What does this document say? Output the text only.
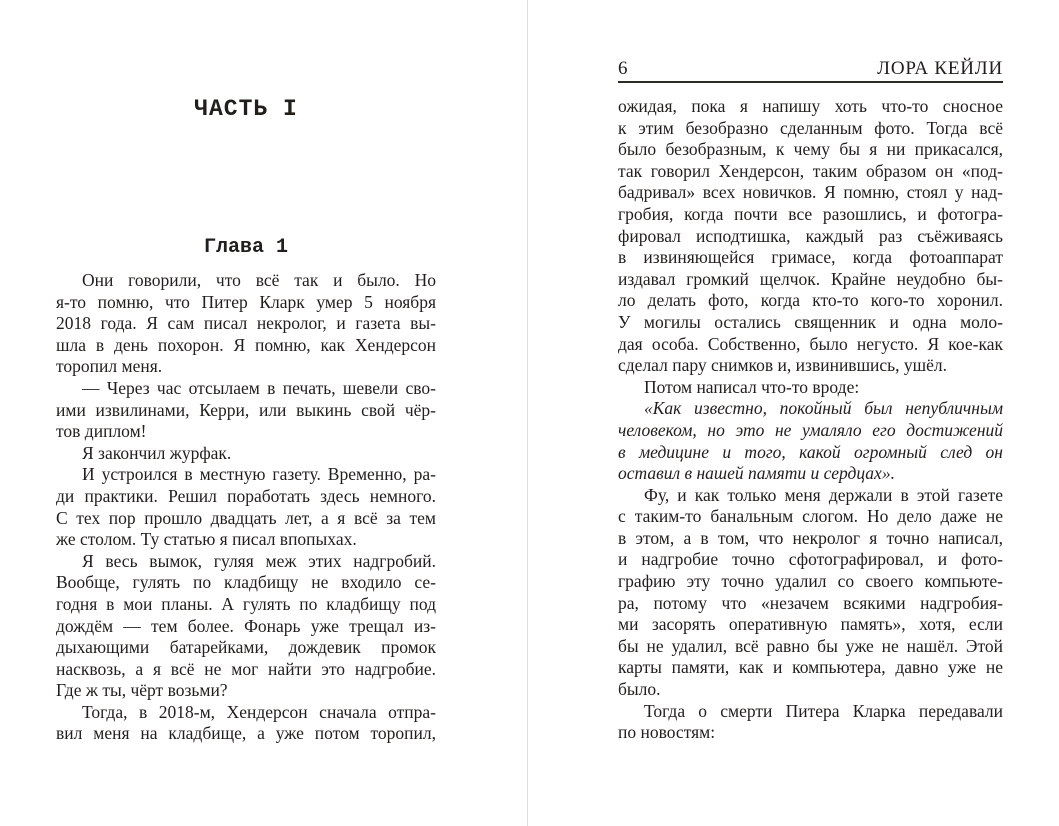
ЧАСТЬ I
Глава 1
Они говорили, что всё так и было. Но
я-то помню, что Питер Кларк умер 5 ноября
2018 года. Я сам писал некролог, и газета вы-
шла в день похорон. Я помню, как Хендерсон
торопил меня.
— Через час отсылаем в печать, шевели сво-
ими извилинами, Керри, или выкинь свой чёр-
тов диплом!
Я закончил журфак.
И устроился в местную газету. Временно, ра-
ди практики. Решил поработать здесь немного.
С тех пор прошло двадцать лет, а я всё за тем
же столом. Ту статью я писал впопыхах.
Я весь вымок, гуляя меж этих надгробий.
Вообще, гулять по кладбищу не входило се-
годня в мои планы. А гулять по кладбищу под
дождём — тем более. Фонарь уже трещал из-
дыхающими батарейками, дождевик промок
насквозь, а я всё не мог найти это надгробие.
Где ж ты, чёрт возьми?
Тогда, в 2018-м, Хендерсон сначала отпра-
вил меня на кладбище, а уже потом торопил,
6	ЛОРА КЕЙЛИ
ожидая, пока я напишу хоть что-то сносное
к этим безобразно сделанным фото. Тогда всё
было безобразным, к чему бы я ни прикасался,
так говорил Хендерсон, таким образом он «под-
бадривал» всех новичков. Я помню, стоял у над-
гробия, когда почти все разошлись, и фотогра-
фировал исподтишка, каждый раз съёживаясь
в извиняющейся гримасе, когда фотоаппарат
издавал громкий щелчок. Крайне неудобно бы-
ло делать фото, когда кто-то кого-то хоронил.
У могилы остались священник и одна моло-
дая особа. Собственно, было негусто. Я кое-как
сделал пару снимков и, извинившись, ушёл.
Потом написал что-то вроде:
«Как известно, покойный был непубличным
человеком, но это не умаляло его достижений
в медицине и того, какой огромный след он
оставил в нашей памяти и сердцах».
Фу, и как только меня держали в этой газете
с таким-то банальным слогом. Но дело даже не
в этом, а в том, что некролог я точно написал,
и надгробие точно сфотографировал, и фото-
графию эту точно удалил со своего компьюте-
ра, потому что «незачем всякими надгробия-
ми засорять оперативную память», хотя, если
бы не удалил, всё равно бы уже не нашёл. Этой
карты памяти, как и компьютера, давно уже не
было.
Тогда о смерти Питера Кларка передавали
по новостям:
